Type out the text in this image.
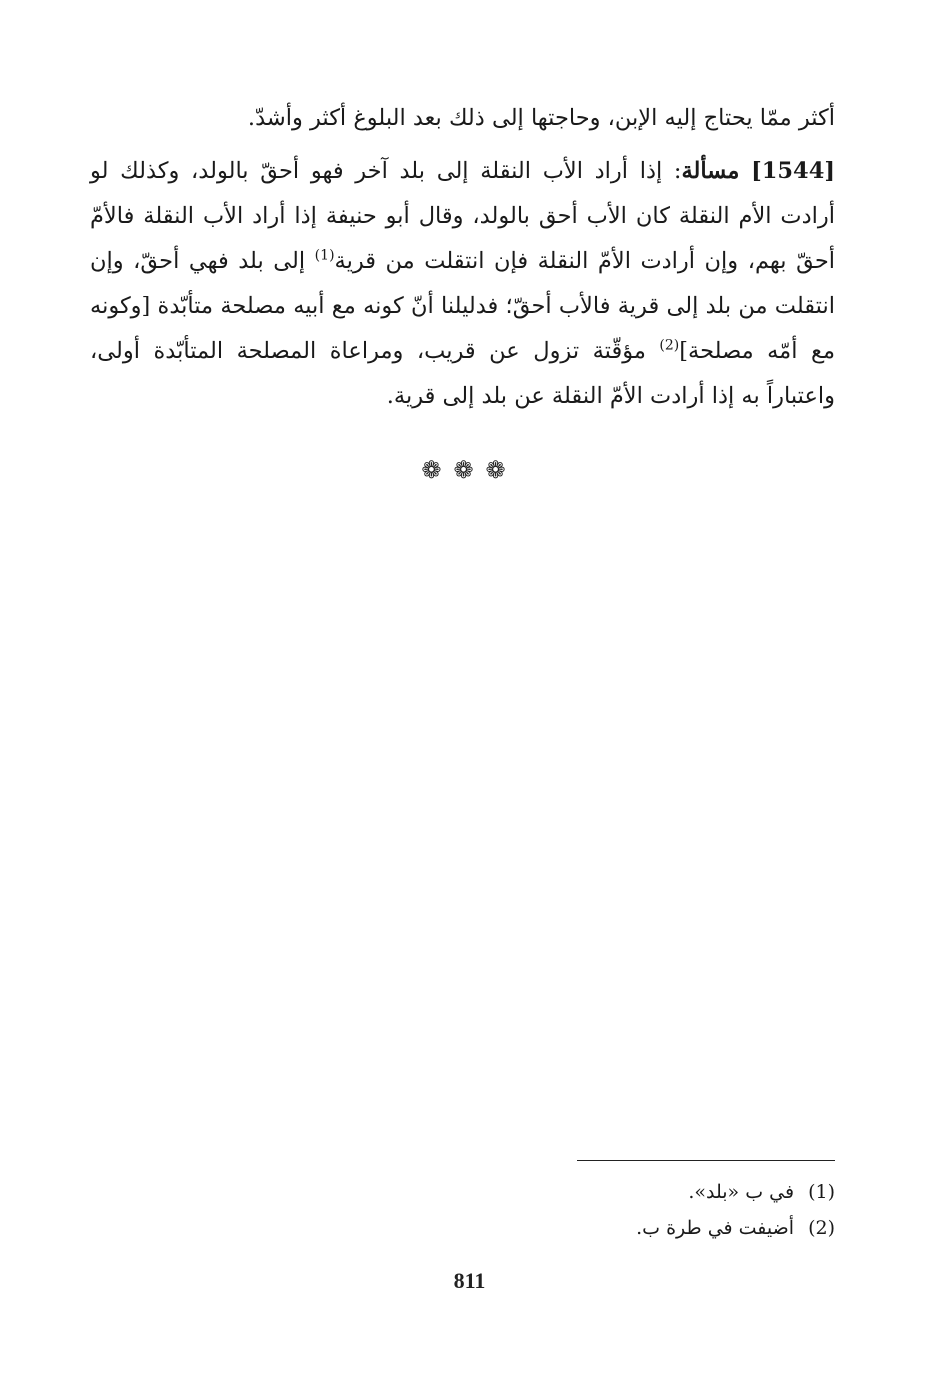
أكثر ممّا يحتاج إليه الإبن، وحاجتها إلى ذلك بعد البلوغ أكثر وأشدّ.

[1544] مسألة: إذا أراد الأب النقلة إلى بلد آخر فهو أحقّ بالولد، وكذلك لو أرادت الأم النقلة كان الأب أحق بالولد، وقال أبو حنيفة إذا أراد الأب النقلة فالأمّ أحقّ بهم، وإن أرادت الأمّ النقلة فإن انتقلت من قرية$^{(1)}$ إلى بلد فهي أحقّ، وإن انتقلت من بلد إلى قرية فالأب أحقّ؛ فدليلنا أنّ كونه مع أبيه مصلحة متأبّدة [وكونه مع أمّه مصلحة]$^{(2)}$ مؤقّتة تزول عن قريب، ومراعاة المصلحة المتأبّدة أولى، واعتباراً به إذا أرادت الأمّ النقلة عن بلد إلى قرية.

❁❁❁

(1)في ب «بلد».

(2)أضيفت في طرة ب.

811
